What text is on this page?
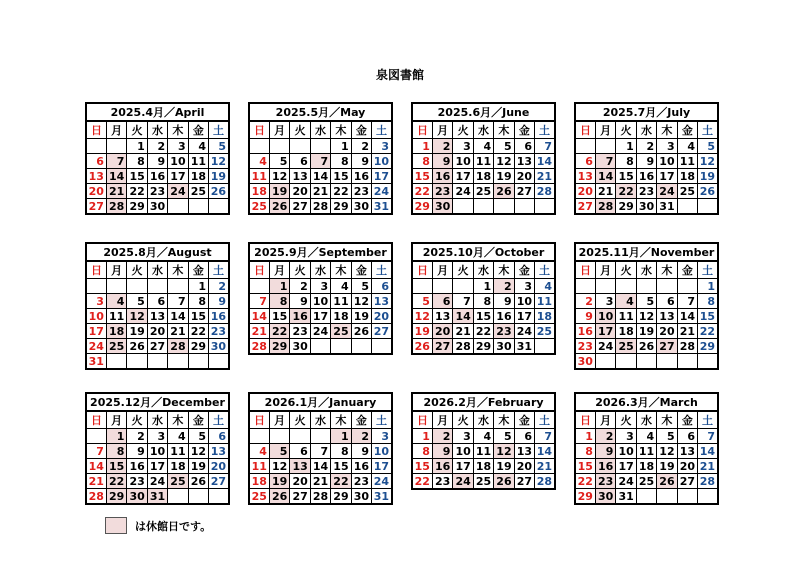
泉図書館
2025.4月／April						
日	月	火	水	木	金	土
		1	2	3	4	5
6	7	8	9	10	11	12
13	14	15	16	17	18	19
20	21	22	23	24	25	26
27	28	29	30			
2025.5月／May						
日	月	火	水	木	金	土
				1	2	3
4	5	6	7	8	9	10
11	12	13	14	15	16	17
18	19	20	21	22	23	24
25	26	27	28	29	30	31
2025.6月／June						
日	月	火	水	木	金	土
1	2	3	4	5	6	7
8	9	10	11	12	13	14
15	16	17	18	19	20	21
22	23	24	25	26	27	28
29	30					
2025.7月／July						
日	月	火	水	木	金	土
		1	2	3	4	5
6	7	8	9	10	11	12
13	14	15	16	17	18	19
20	21	22	23	24	25	26
27	28	29	30	31		
2025.8月／August						
日	月	火	水	木	金	土
					1	2
3	4	5	6	7	8	9
10	11	12	13	14	15	16
17	18	19	20	21	22	23
24	25	26	27	28	29	30
31						
2025.9月／September						
日	月	火	水	木	金	土
	1	2	3	4	5	6
7	8	9	10	11	12	13
14	15	16	17	18	19	20
21	22	23	24	25	26	27
28	29	30				
2025.10月／October						
日	月	火	水	木	金	土
			1	2	3	4
5	6	7	8	9	10	11
12	13	14	15	16	17	18
19	20	21	22	23	24	25
26	27	28	29	30	31	
2025.11月／November						
日	月	火	水	木	金	土
						1
2	3	4	5	6	7	8
9	10	11	12	13	14	15
16	17	18	19	20	21	22
23	24	25	26	27	28	29
30						
2025.12月／December						
日	月	火	水	木	金	土
	1	2	3	4	5	6
7	8	9	10	11	12	13
14	15	16	17	18	19	20
21	22	23	24	25	26	27
28	29	30	31			
2026.1月／January						
日	月	火	水	木	金	土
				1	2	3
4	5	6	7	8	9	10
11	12	13	14	15	16	17
18	19	20	21	22	23	24
25	26	27	28	29	30	31
2026.2月／February						
日	月	火	水	木	金	土
1	2	3	4	5	6	7
8	9	10	11	12	13	14
15	16	17	18	19	20	21
22	23	24	25	26	27	28
2026.3月／March						
日	月	火	水	木	金	土
1	2	3	4	5	6	7
8	9	10	11	12	13	14
15	16	17	18	19	20	21
22	23	24	25	26	27	28
29	30	31				
は休館日です。
